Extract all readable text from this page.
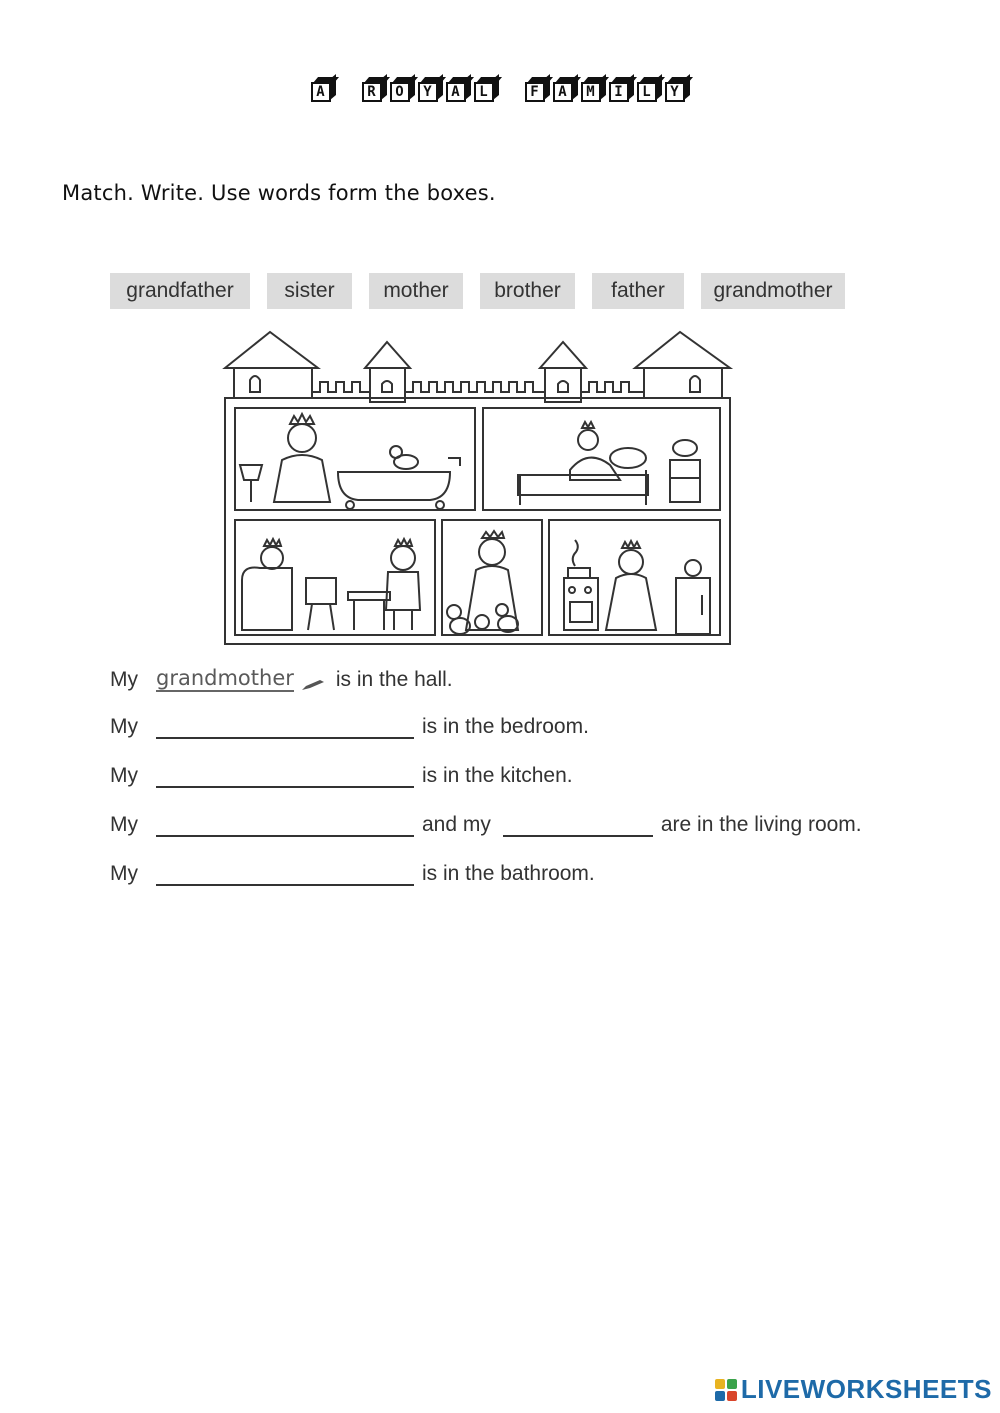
A	R	O	Y	A	L	F	A	M	I	L	Y
Match. Write. Use words form the boxes.
grandfather	sister	mother	brother	father	grandmother
My grandmother is in the hall.
My	is in the bedroom.
My	is in the kitchen.
My	and my	are in the living room.
My	is in the bathroom.
LIVEWORKSHEETS
